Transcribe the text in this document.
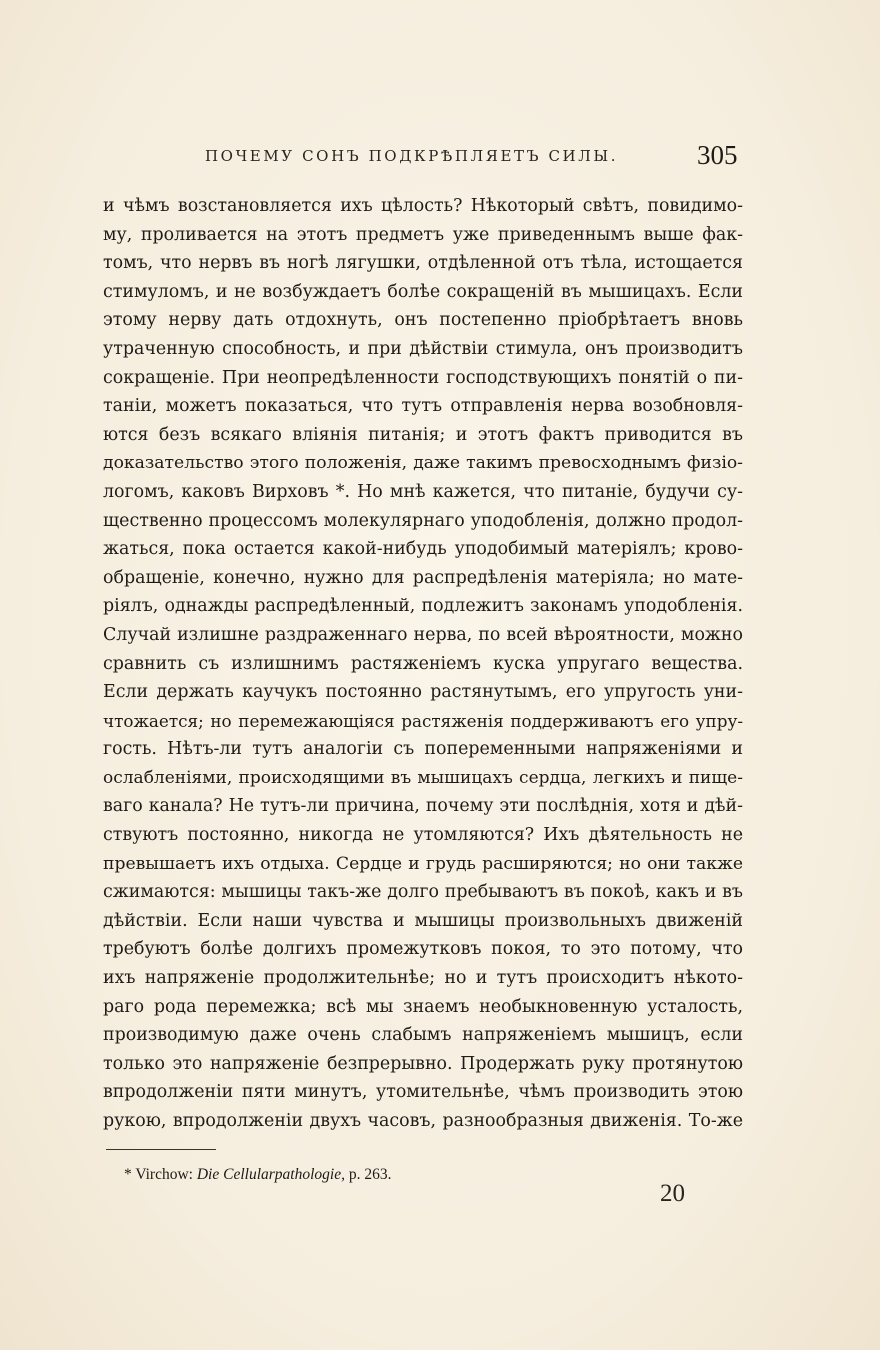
ПОЧЕМУ СОНЪ ПОДКРѢПЛЯЕТЪ СИЛЫ.	305
и чѣмъ возстановляется ихъ цѣлость? Нѣкоторый свѣтъ, повидимо-
му, проливается на этотъ предметъ уже приведеннымъ выше фак-
томъ, что нервъ въ ногѣ лягушки, отдѣленной отъ тѣла, истощается
стимуломъ, и не возбуждаетъ болѣе сокращеній въ мышицахъ. Если
этому нерву дать отдохнуть, онъ постепенно пріобрѣтаетъ вновь
утраченную способность, и при дѣйствіи стимула, онъ производитъ
сокращеніе. При неопредѣленности господствующихъ понятій о пи-
таніи, можетъ показаться, что тутъ отправленія нерва возобновля-
ются безъ всякаго вліянія питанія; и этотъ фактъ приводится въ
доказательство этого положенія, даже такимъ превосходнымъ физіо-
логомъ, каковъ Вирховъ *. Но мнѣ кажется, что питаніе, будучи су-
щественно процессомъ молекулярнаго уподобленія, должно продол-
жаться, пока остается какой-нибудь уподобимый матеріялъ; крово-
обращеніе, конечно, нужно для распредѣленія матеріяла; но мате-
ріялъ, однажды распредѣленный, подлежитъ законамъ уподобленія.
Случай излишне раздраженнаго нерва, по всей вѣроятности, можно
сравнить съ излишнимъ растяженіемъ куска упругаго вещества.
Если держать каучукъ постоянно растянутымъ, его упругость уни-
чтожается; но перемежающіяся растяженія поддерживаютъ его упру-
гость. Нѣтъ-ли тутъ аналогіи съ попеременными напряженіями и
ослабленіями, происходящими въ мышицахъ сердца, легкихъ и пище-
ваго канала? Не тутъ-ли причина, почему эти послѣднія, хотя и дѣй-
ствуютъ постоянно, никогда не утомляются? Ихъ дѣятельность не
превышаетъ ихъ отдыха. Сердце и грудь расширяются; но они также
сжимаются: мышицы такъ-же долго пребываютъ въ покоѣ, какъ и въ
дѣйствіи. Если наши чувства и мышицы произвольныхъ движеній
требуютъ болѣе долгихъ промежутковъ покоя, то это потому, что
ихъ напряженіе продолжительнѣе; но и тутъ происходитъ нѣкото-
раго рода перемежка; всѣ мы знаемъ необыкновенную усталость,
производимую даже очень слабымъ напряженіемъ мышицъ, если
только это напряженіе безпрерывно. Продержать руку протянутою
впродолженіи пяти минутъ, утомительнѣе, чѣмъ производить этою
рукою, впродолженіи двухъ часовъ, разнообразныя движенія. То-же
* Virchow: Die Cellularpathologie, p. 263.
20
